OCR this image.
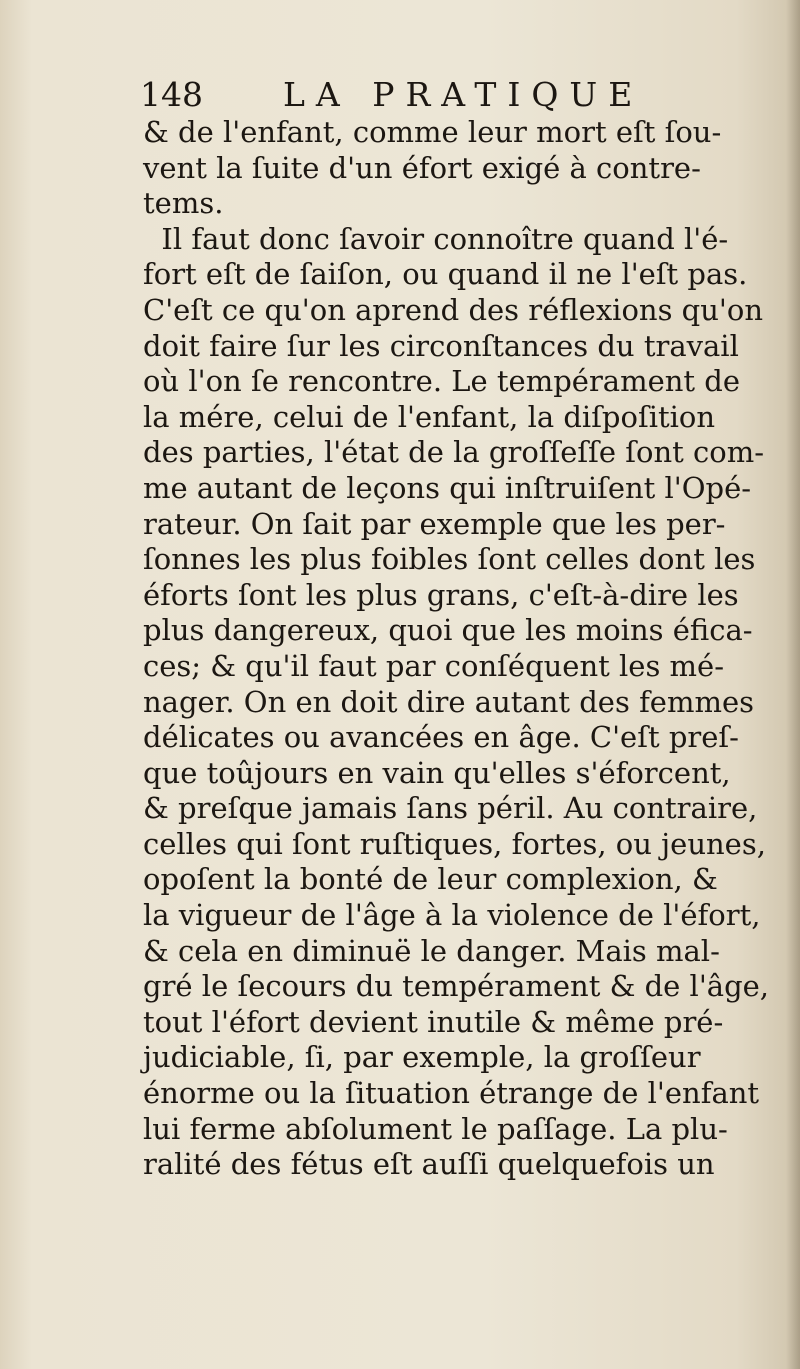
148 LA PRATIQUE
& de l'enfant, comme leur mort eſt ſou-
vent la ſuite d'un éfort exigé à contre-
tems.
Il faut donc ſavoir connoître quand l'é-
fort eſt de ſaiſon, ou quand il ne l'eſt pas.
C'eſt ce qu'on aprend des réflexions qu'on
doit faire ſur les circonſtances du travail
où l'on ſe rencontre. Le tempérament de
la mére, celui de l'enfant, la diſpoſition
des parties, l'état de la groſſeſſe ſont com-
me autant de leçons qui inſtruiſent l'Opé-
rateur. On ſait par exemple que les per-
ſonnes les plus foibles ſont celles dont les
éforts ſont les plus grans, c'eſt-à-dire les
plus dangereux, quoi que les moins éfica-
ces; & qu'il faut par conſéquent les mé-
nager. On en doit dire autant des femmes
délicates ou avancées en âge. C'eſt preſ-
que toûjours en vain qu'elles s'éforcent,
& preſque jamais ſans péril. Au contraire,
celles qui ſont ruſtiques, fortes, ou jeunes,
opoſent la bonté de leur complexion, &
la vigueur de l'âge à la violence de l'éfort,
& cela en diminuë le danger. Mais mal-
gré le ſecours du tempérament & de l'âge,
tout l'éfort devient inutile & même pré-
judiciable, ſi, par exemple, la groſſeur
énorme ou la ſituation étrange de l'enfant
lui ferme abſolument le paſſage. La plu-
ralité des fétus eſt auſſi quelquefois un
